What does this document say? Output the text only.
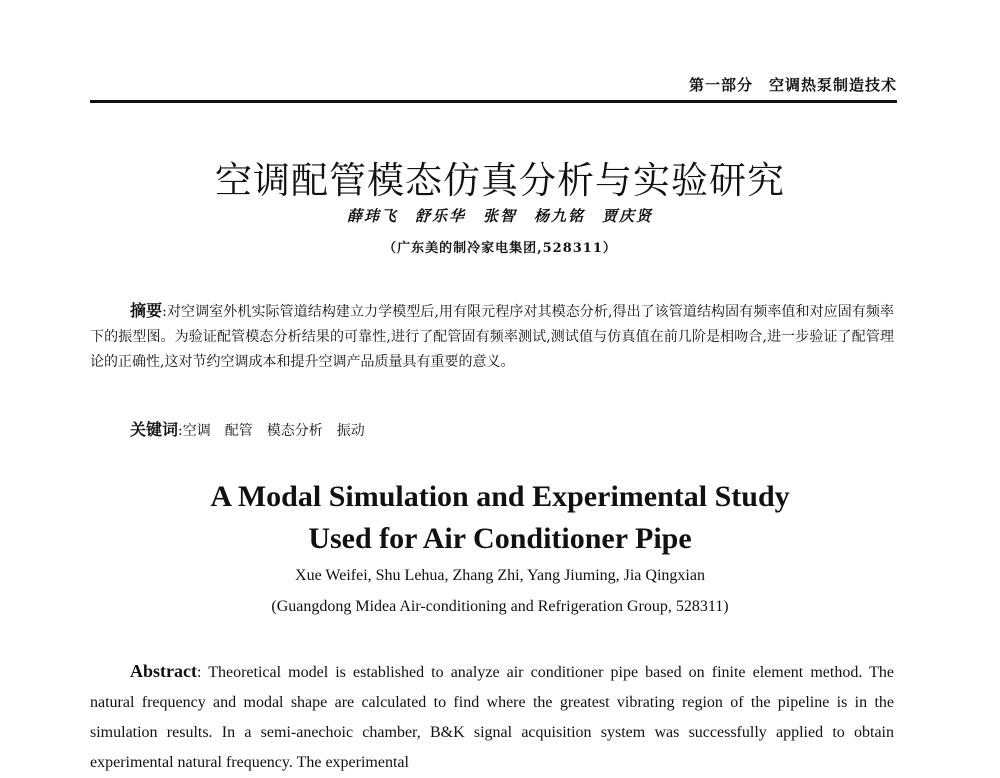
第一部分　空调热泵制造技术
空调配管模态仿真分析与实验研究
薛玮飞　舒乐华　张智　杨九铭　贾庆贤
（广东美的制冷家电集团,528311）

摘要:对空调室外机实际管道结构建立力学模型后,用有限元程序对其模态分析,得出了该管道结构固有频率值和对应固有频率下的振型图。为验证配管模态分析结果的可靠性,进行了配管固有频率测试,测试值与仿真值在前几阶是相吻合,进一步验证了配管理论的正确性,这对节约空调成本和提升空调产品质量具有重要的意义。

关键词:空调 配管 模态分析 振动
A Modal Simulation and Experimental Study
Used for Air Conditioner Pipe
Xue Weifei, Shu Lehua, Zhang Zhi, Yang Jiuming, Jia Qingxian
(Guangdong Midea Air-conditioning and Refrigeration Group, 528311)

Abstract: Theoretical model is established to analyze air conditioner pipe based on finite element method. The natural frequency and modal shape are calculated to find where the greatest vibrating region of the pipeline is in the simulation results. In a semi-anechoic chamber, B&K signal acquisition system was successfully applied to obtain experimental natural frequency. The experimental
